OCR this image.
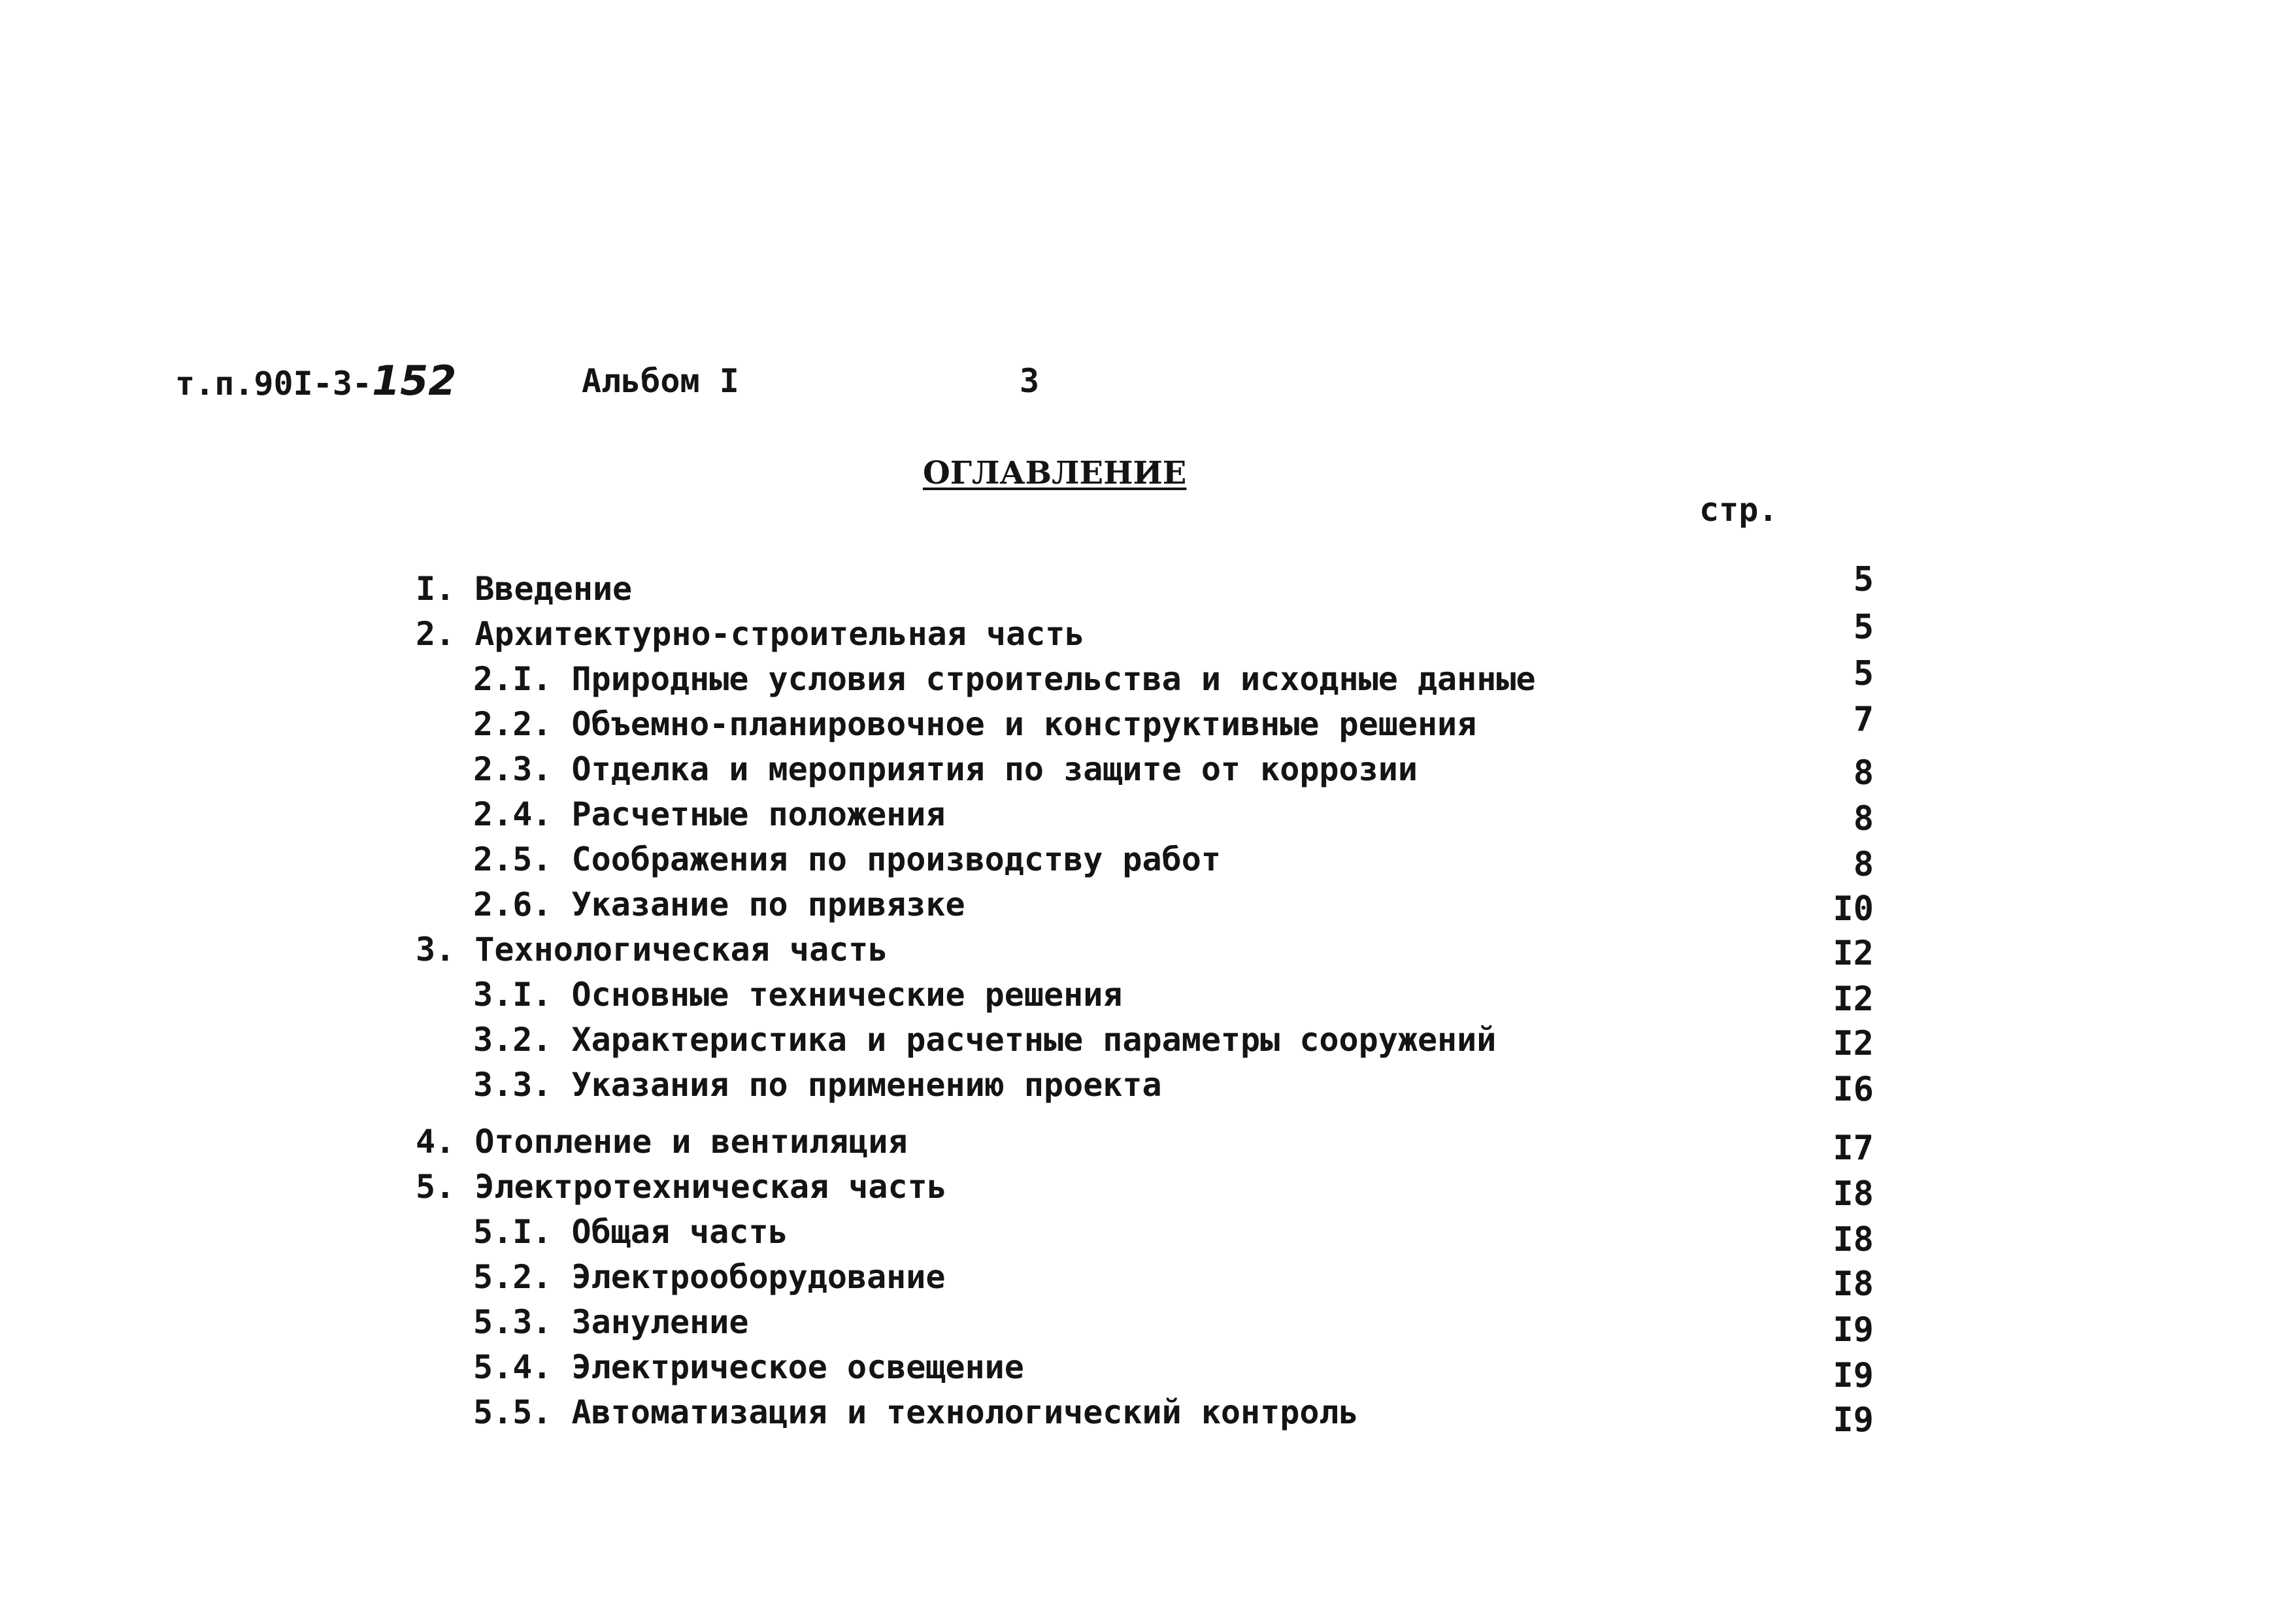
т.п.90I-3-152	Альбом I	3
ОГЛАВЛЕНИЕ
стр.
I. Введение	5
2. Архитектурно-строительная часть	5
2.I. Природные условия строительства и исходные данные	5
2.2. Объемно-планировочное и конструктивные решения	7
2.3. Отделка и мероприятия по защите от коррозии	8
2.4. Расчетные положения	8
2.5. Соображения по производству работ	8
2.6. Указание по привязке	I0
3. Технологическая часть	I2
3.I. Основные технические решения	I2
3.2. Характеристика и расчетные параметры сооружений	I2
3.3. Указания по применению проекта	I6
4. Отопление и вентиляция	I7
5. Электротехническая часть	I8
5.I. Общая часть	I8
5.2. Электрооборудование	I8
5.3. Зануление	I9
5.4. Электрическое освещение	I9
5.5. Автоматизация и технологический контроль	I9
